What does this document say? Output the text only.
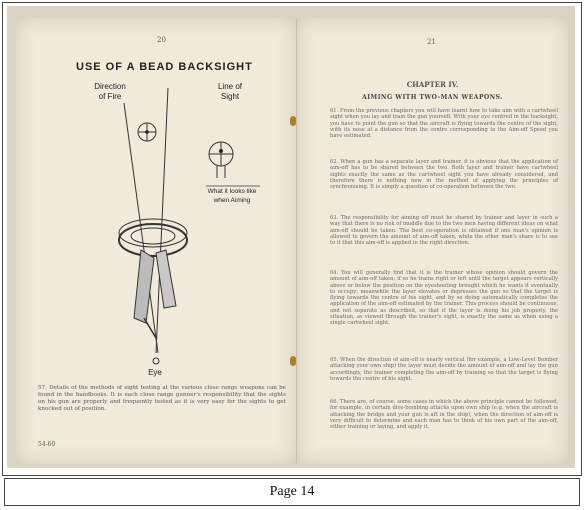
20
USE OF A BEAD BACKSIGHT
Direction
of Fire
Line of
Sight
What it looks like
when Aiming
Eye
57. Details of the methods of sight testing at the various close range weapons can be found in the handbooks. It is each close range gunner's responsibility that the sights on his gun are properly and frequently tested as it is very easy for the sights to get knocked out of position.
54-60
21
CHAPTER IV.
AIMING WITH TWO-MAN WEAPONS.
61. From the previous chapters you will have learnt how to take aim with a cartwheel sight when you lay and train the gun yourself. With your eye centred in the backsight, you have to point the gun so that the aircraft is flying towards the centre of the sight, with its nose at a distance from the centre corresponding to the Aim-off Speed you have estimated.
62. When a gun has a separate layer and trainer, it is obvious that the application of aim-off has to be shared between the two. Both layer and trainer have cartwheel sights exactly the same as the cartwheel sight you have already considered, and therefore there is nothing new in the method of applying the principles of synchronising. It is simply a question of co-operation between the two.
63. The responsibility for aiming off must be shared by trainer and layer in such a way that there is no risk of muddle due to the two men having different ideas on what aim-off should be taken. The best co-operation is obtained if one man's opinion is allowed to govern the amount of aim-off taken, while the other man's share is to see to it that this aim-off is applied in the right direction.
64. You will generally find that it is the trainer whose opinion should govern the amount of aim-off taken; if so he trains right or left until the target appears vertically above or below the position on the eyeshooting brought which he wants it eventually to occupy; meanwhile the layer elevates or depresses the gun so that the target is flying towards the centre of his sight, and by so doing automatically completes the application of the aim-off estimated by the trainer. This process should be continuous, and not separate as described, so that if the layer is doing his job properly, the situation, as viewed through the trainer's sight, is exactly the same as when using a single cartwheel sight.
65. When the direction of aim-off is nearly vertical (for example, a Low-Level Bomber attacking your own ship) the layer must decide the amount of aim-off and lay the gun accordingly, the trainer completing the aim-off by training so that the target is flying towards the centre of his sight.
66. There are, of course, some cases in which the above principle cannot be followed, for example, in certain dive-bombing attacks upon own ship (e.g. when the aircraft is attacking the bridge and your gun is aft in the ship), when the direction of aim-off is very difficult to determine and each man has to think of his own part of the aim-off, either training or laying, and apply it.
Page 14
